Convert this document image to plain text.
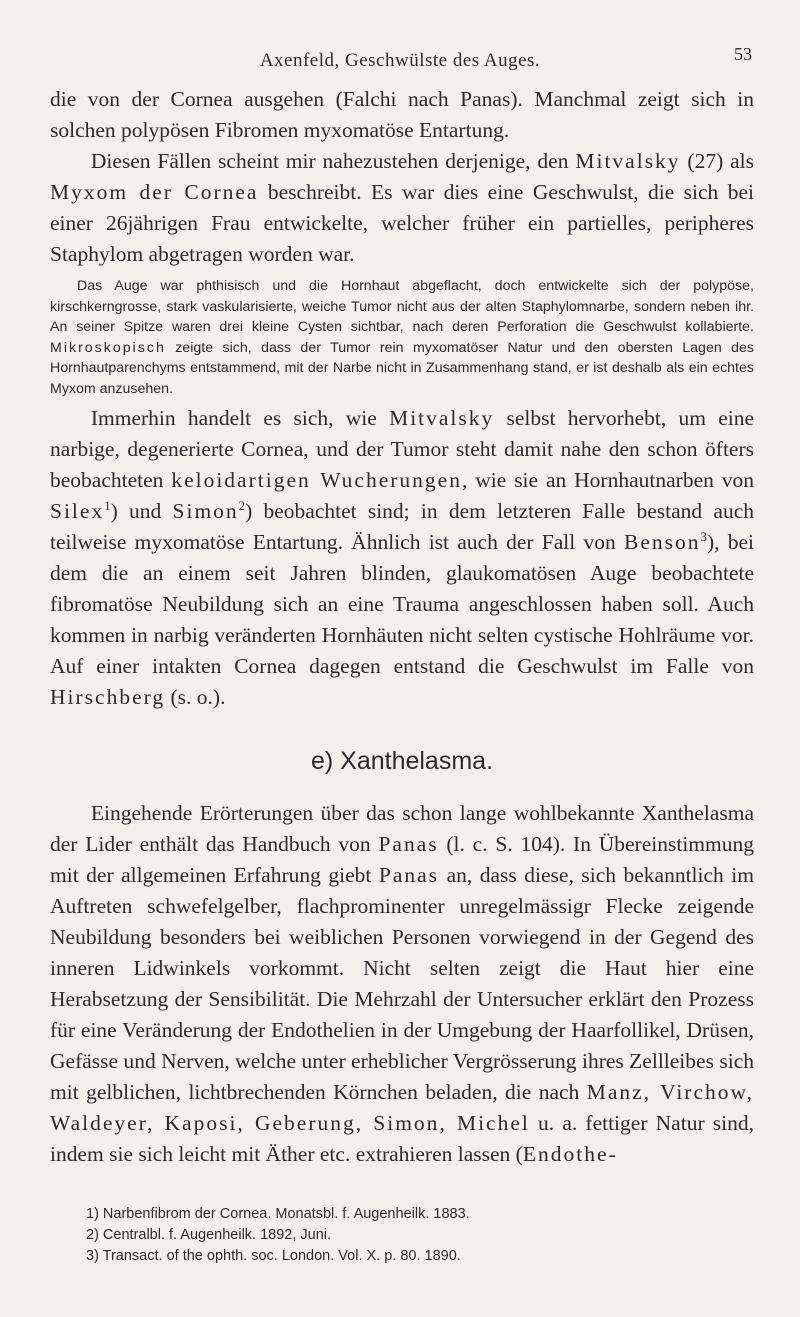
Axenfeld, Geschwülste des Auges.	53

die von der Cornea ausgehen (Falchi nach Panas). Manchmal zeigt sich in solchen polypösen Fibromen myxomatöse Entartung.

Diesen Fällen scheint mir nahezustehen derjenige, den Mitvalsky (27) als Myxom der Cornea beschreibt. Es war dies eine Geschwulst, die sich bei einer 26jährigen Frau entwickelte, welcher früher ein partielles, peripheres Staphylom abgetragen worden war.

Das Auge war phthisisch und die Hornhaut abgeflacht, doch entwickelte sich der polypöse, kirschkerngrosse, stark vaskularisierte, weiche Tumor nicht aus der alten Staphylomnarbe, sondern neben ihr. An seiner Spitze waren drei kleine Cysten sichtbar, nach deren Perforation die Geschwulst kollabierte. Mikroskopisch zeigte sich, dass der Tumor rein myxomatöser Natur und den obersten Lagen des Hornhautparenchyms entstammend, mit der Narbe nicht in Zusammenhang stand, er ist deshalb als ein echtes Myxom anzusehen.

Immerhin handelt es sich, wie Mitvalsky selbst hervorhebt, um eine narbige, degenerierte Cornea, und der Tumor steht damit nahe den schon öfters beobachteten keloidartigen Wucherungen, wie sie an Hornhautnarben von Silex$^1$) und Simon$^2$) beobachtet sind; in dem letzteren Falle bestand auch teilweise myxomatöse Entartung. Ähnlich ist auch der Fall von Benson$^3$), bei dem die an einem seit Jahren blinden, glaukomatösen Auge beobachtete fibromatöse Neubildung sich an eine Trauma angeschlossen haben soll. Auch kommen in narbig veränderten Hornhäuten nicht selten cystische Hohlräume vor. Auf einer intakten Cornea dagegen entstand die Geschwulst im Falle von Hirschberg (s. o.).

e) Xanthelasma.

Eingehende Erörterungen über das schon lange wohlbekannte Xanthelasma der Lider enthält das Handbuch von Panas (l. c. S. 104). In Übereinstimmung mit der allgemeinen Erfahrung giebt Panas an, dass diese, sich bekanntlich im Auftreten schwefelgelber, flachprominenter unregelmässigr Flecke zeigende Neubildung besonders bei weiblichen Personen vorwiegend in der Gegend des inneren Lidwinkels vorkommt. Nicht selten zeigt die Haut hier eine Herabsetzung der Sensibilität. Die Mehrzahl der Untersucher erklärt den Prozess für eine Veränderung der Endothelien in der Umgebung der Haarfollikel, Drüsen, Gefässe und Nerven, welche unter erheblicher Vergrösserung ihres Zellleibes sich mit gelblichen, lichtbrechenden Körnchen beladen, die nach Manz, Virchow, Waldeyer, Kaposi, Geberung, Simon, Michel u. a. fettiger Natur sind, indem sie sich leicht mit Äther etc. extrahieren lassen (Endothe-

1) Narbenfibrom der Cornea. Monatsbl. f. Augenheilk. 1883.
2) Centralbl. f. Augenheilk. 1892, Juni.
3) Transact. of the ophth. soc. London. Vol. X. p. 80. 1890.
